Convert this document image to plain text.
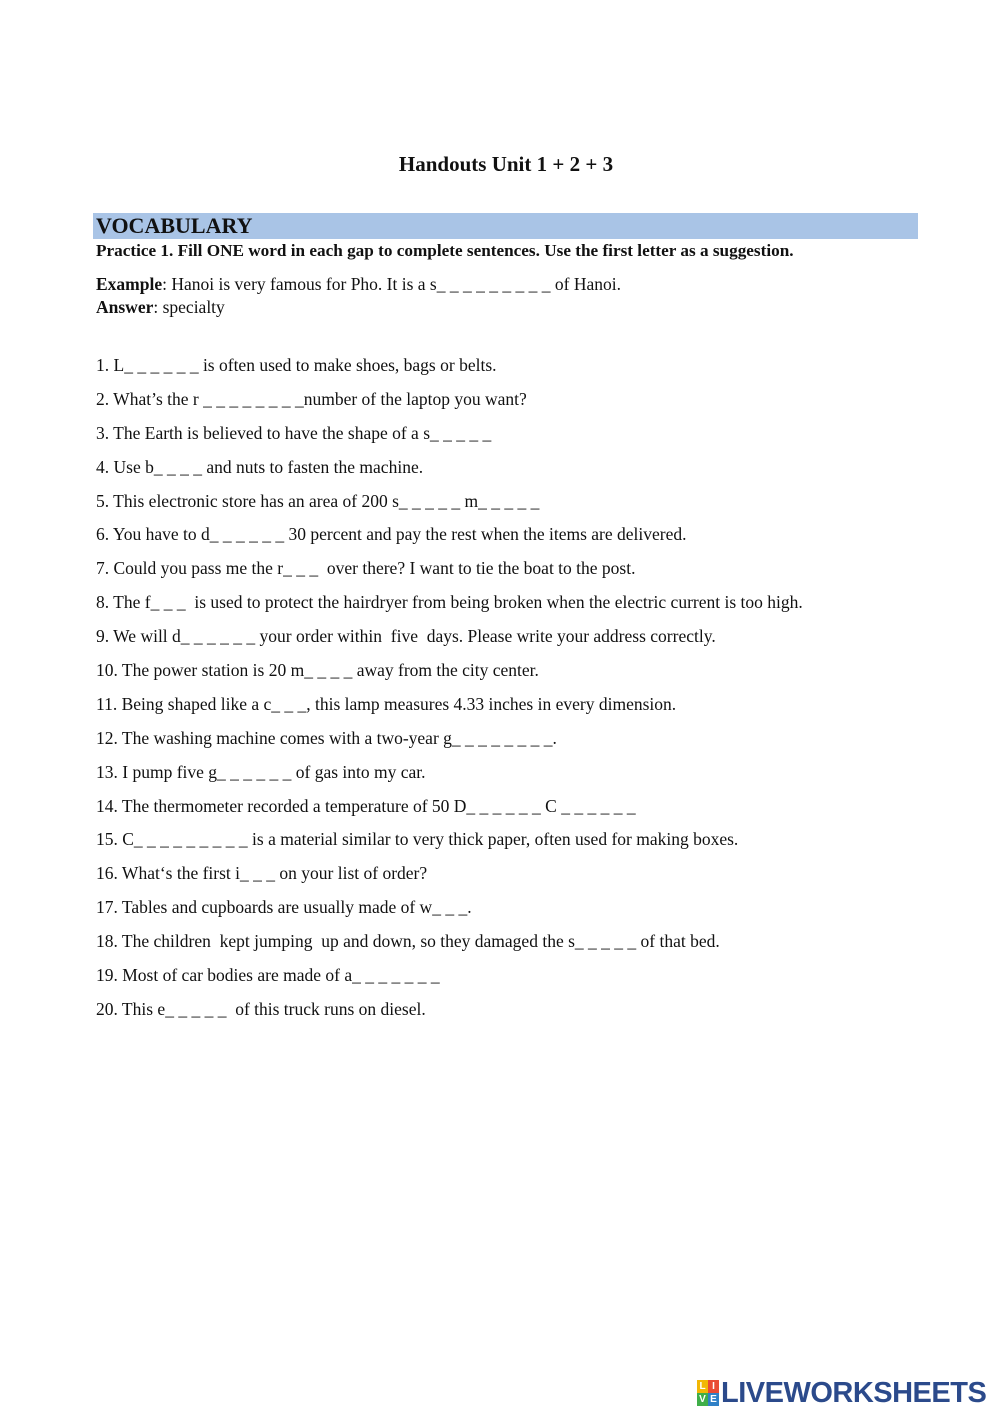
Handouts Unit 1 + 2 + 3
VOCABULARY
Practice 1. Fill ONE word in each gap to complete sentences. Use the first letter as a suggestion.
Example: Hanoi is very famous for Pho. It is a s_ _ _ _ _ _ _ _ _ of Hanoi.
Answer: specialty
1. L_ _ _ _ _ _ is often used to make shoes, bags or belts.
2. What’s the r _ _ _ _ _ _ _ _number of the laptop you want?
3. The Earth is believed to have the shape of a s_ _ _ _ _
4. Use b_ _ _ _ and nuts to fasten the machine.
5. This electronic store has an area of 200 s_ _ _ _ _ m_ _ _ _ _
6. You have to d_ _ _ _ _ _ 30 percent and pay the rest when the items are delivered.
7. Could you pass me the r_ _ _  over there? I want to tie the boat to the post.
8. The f_ _ _  is used to protect the hairdryer from being broken when the electric current is too high.
9. We will d_ _ _ _ _ _ your order within  five  days. Please write your address correctly.
10. The power station is 20 m_ _ _ _ away from the city center.
11. Being shaped like a c_ _ _, this lamp measures 4.33 inches in every dimension.
12. The washing machine comes with a two-year g_ _ _ _ _ _ _ _.
13. I pump five g_ _ _ _ _ _ of gas into my car.
14. The thermometer recorded a temperature of 50 D_ _ _ _ _ _ C _ _ _ _ _ _
15. C_ _ _ _ _ _ _ _ _ is a material similar to very thick paper, often used for making boxes.
16. What‘s the first i_ _ _ on your list of order?
17. Tables and cupboards are usually made of w_ _ _.
18. The children  kept jumping  up and down, so they damaged the s_ _ _ _ _ of that bed.
19. Most of car bodies are made of a_ _ _ _ _ _ _
20. This e_ _ _ _ _  of this truck runs on diesel.
L I
V E LIVEWORKSHEETS
